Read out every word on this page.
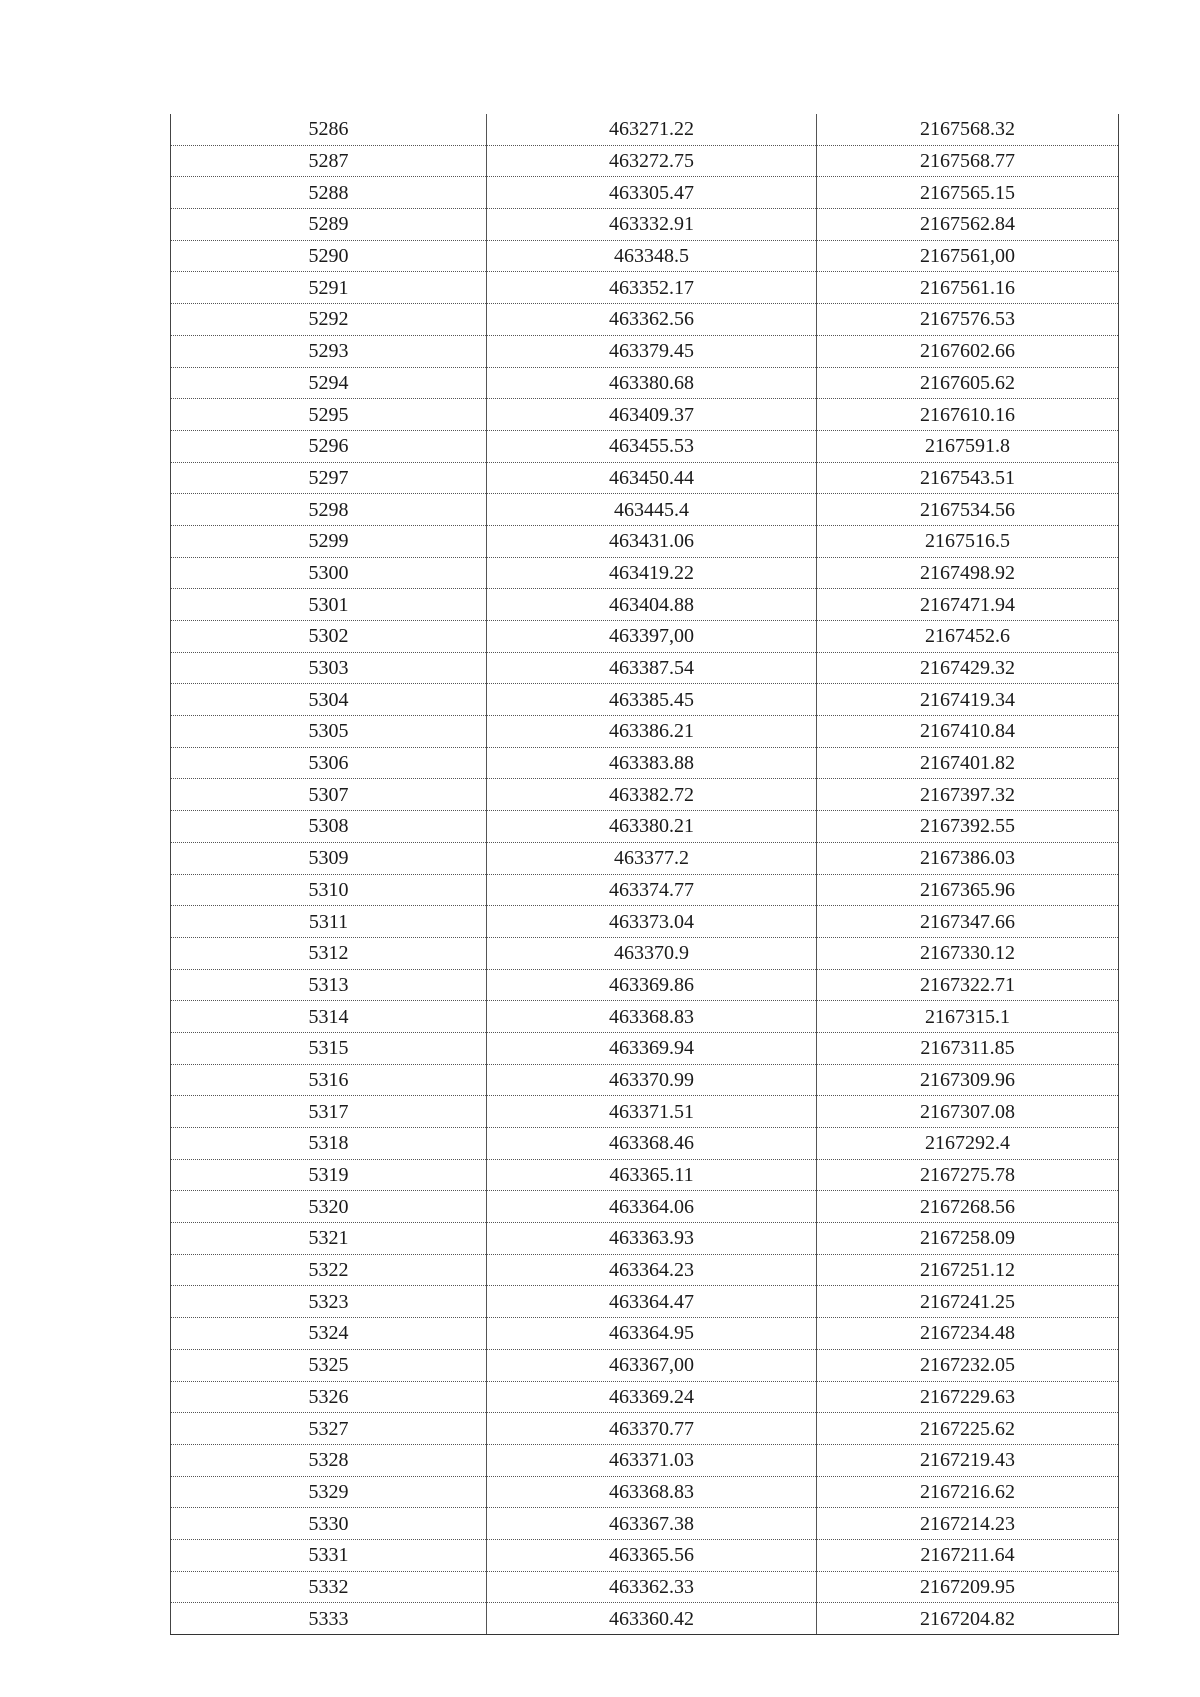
5286	463271.22	2167568.32
5287	463272.75	2167568.77
5288	463305.47	2167565.15
5289	463332.91	2167562.84
5290	463348.5	2167561,00
5291	463352.17	2167561.16
5292	463362.56	2167576.53
5293	463379.45	2167602.66
5294	463380.68	2167605.62
5295	463409.37	2167610.16
5296	463455.53	2167591.8
5297	463450.44	2167543.51
5298	463445.4	2167534.56
5299	463431.06	2167516.5
5300	463419.22	2167498.92
5301	463404.88	2167471.94
5302	463397,00	2167452.6
5303	463387.54	2167429.32
5304	463385.45	2167419.34
5305	463386.21	2167410.84
5306	463383.88	2167401.82
5307	463382.72	2167397.32
5308	463380.21	2167392.55
5309	463377.2	2167386.03
5310	463374.77	2167365.96
5311	463373.04	2167347.66
5312	463370.9	2167330.12
5313	463369.86	2167322.71
5314	463368.83	2167315.1
5315	463369.94	2167311.85
5316	463370.99	2167309.96
5317	463371.51	2167307.08
5318	463368.46	2167292.4
5319	463365.11	2167275.78
5320	463364.06	2167268.56
5321	463363.93	2167258.09
5322	463364.23	2167251.12
5323	463364.47	2167241.25
5324	463364.95	2167234.48
5325	463367,00	2167232.05
5326	463369.24	2167229.63
5327	463370.77	2167225.62
5328	463371.03	2167219.43
5329	463368.83	2167216.62
5330	463367.38	2167214.23
5331	463365.56	2167211.64
5332	463362.33	2167209.95
5333	463360.42	2167204.82
